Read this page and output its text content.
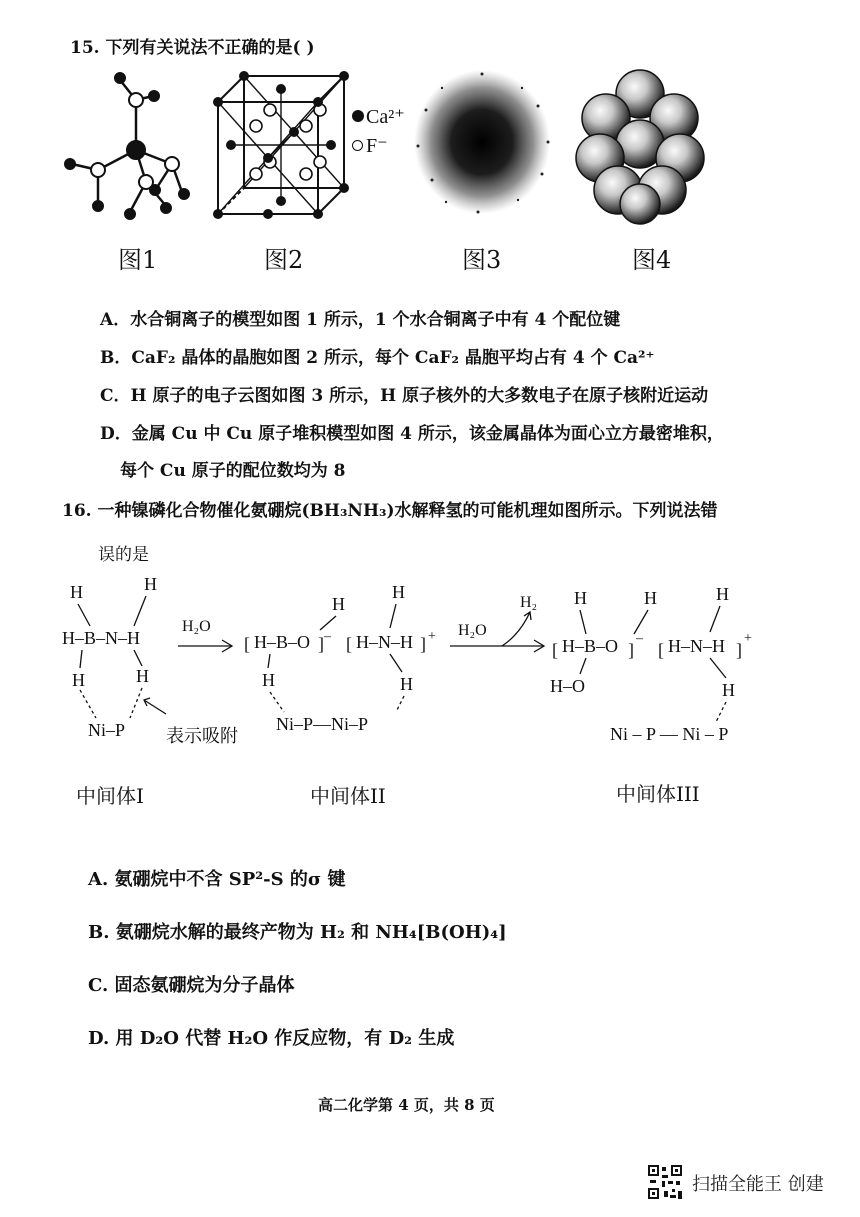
15. 下列有关说法不正确的是( )
Ca²⁺
F⁻
图1	图2	图3	图4
A．水合铜离子的模型如图 1 所示，1 个水合铜离子中有 4 个配位键
B．CaF₂ 晶体的晶胞如图 2 所示，每个 CaF₂ 晶胞平均占有 4 个 Ca²⁺
C．H 原子的电子云图如图 3 所示，H 原子核外的大多数电子在原子核附近运动
D．金属 Cu 中 Cu 原子堆积模型如图 4 所示，该金属晶体为面心立方最密堆积，
每个 Cu 原子的配位数均为 8
16. 一种镍磷化合物催化氨硼烷(BH₃NH₃)水解释氢的可能机理如图所示。下列说法错
误的是
H	H
H–B–N–H
H	H
Ni–P
H
[ H–B–O ] – [ H–N–H ] +
H
H	H
Ni–P—Ni–P
H	H	H
[ H–B–O ]
–
[ H–N–H ]
+
H–O	H
Ni – P — Ni – P
H₂O	H₂O
H₂
表示吸附
中间体I	中间体II	中间体III
A. 氨硼烷中不含 SP²-S 的σ 键
B. 氨硼烷水解的最终产物为 H₂ 和 NH₄[B(OH)₄]
C. 固态氨硼烷为分子晶体
D. 用 D₂O 代替 H₂O 作反应物，有 D₂ 生成
高二化学第 4 页，共 8 页
扫描全能王 创建
